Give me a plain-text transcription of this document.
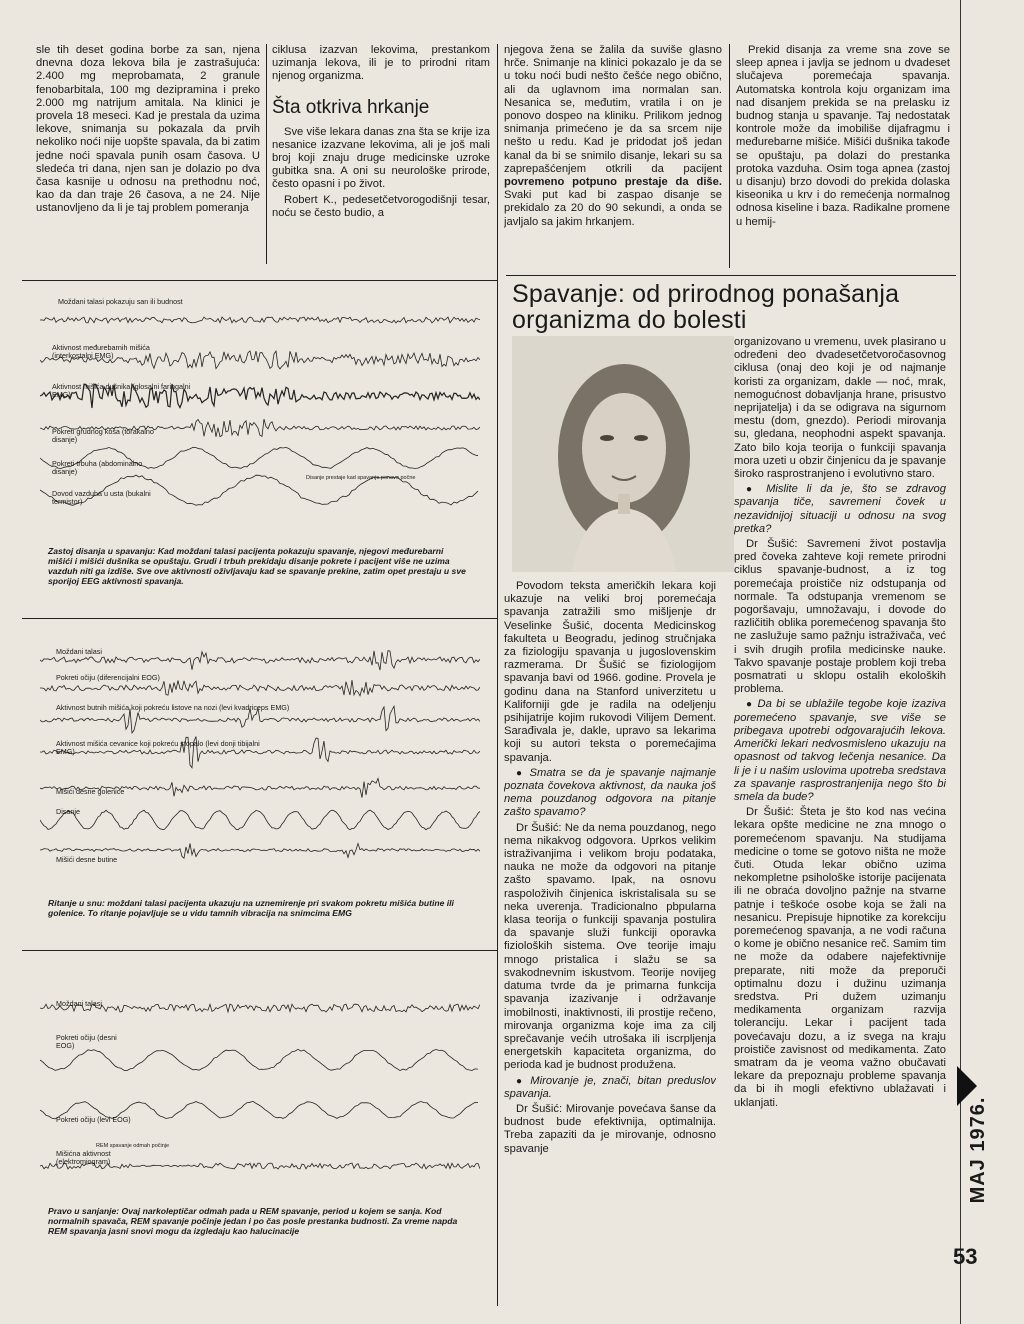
sle tih deset godina borbe za san, njena dnevna doza lekova bila je zastrašujuća: 2.400 mg meprobamata, 2 granule fenobarbitala, 100 mg dezipramina i preko 2.000 mg natrijum amitala. Na klinici je provela 18 meseci. Kad je prestala da uzima lekove, snimanja su pokazala da prvih nekoliko noći nije uopšte spavala, da bi zatim jedne noći spavala punih osam časova. U sledeća tri dana, njen san je dolazio po dva časa kasnije u odnosu na prethodnu noć, kao da dan traje 26 časova, a ne 24. Nije ustanovljeno da li je taj problem pomeranja

ciklusa izazvan lekovima, prestankom uzimanja lekova, ili je to prirodni ritam njenog organizma.

Šta otkriva hrkanje

Sve više lekara danas zna šta se krije iza nesanice izazvane lekovima, ali je još mali broj koji znaju druge medicinske uzroke gubitka sna. A oni su neurološke prirode, često opasni i po život.

Robert K., pedesetčetvorogodišnji tesar, noću se često budio, a

njegova žena se žalila da suviše glasno hrče. Snimanje na klinici pokazalo je da se u toku noći budi nešto češće nego obično, ali da uglavnom ima normalan san. Nesanica se, međutim, vratila i on je ponovo dospeo na kliniku. Prilikom jednog snimanja primećeno je da sa srcem nije nešto u redu. Kad je pridodat još jedan kanal da bi se snimilo disanje, lekari su sa zaprepašćenjem otkrili da pacijent povremeno potpuno prestaje da diše. Svaki put kad bi zaspao disanje se prekidalo za 20 do 90 sekundi, a onda se javljalo sa jakim hrkanjem.

Prekid disanja za vreme sna zove se sleep apnea i javlja se jednom u dvadeset slučajeva poremećaja spavanja. Automatska kontrola koju organizam ima nad disanjem prekida se na prelasku iz budnog stanja u spavanje. Taj nedostatak kontrole može da imobiliše dijafragmu i međurebarne mišiće. Mišići dušnika takođe se opuštaju, pa dolazi do prestanka protoka vazduha. Osim toga apnea (zastoj u disanju) brzo dovodi do prekida dolaska kiseonika u krv i do remećenja normalnog odnosa kiseline i baza. Radikalne promene u hemij-

Spavanje: od prirodnog ponašanja
organizma do bolesti
Moždani talasi pokazuju san ili budnost
Aktivnost međurebarnih mišića (interkostalni EMG)
Aktivnost mišića dušnika (glosalni faringalni EMG)
Pokreti grudnog koša (torakalno disanje)
Pokreti trbuha (abdominalno disanje)
Dovod vazduha u usta (bukalni termistor)
Disanje prestaje kad spavanje ponovo počne
Zastoj disanja u spavanju: Kad moždani talasi pacijenta pokazuju spavanje, njegovi međurebarni mišići i mišići dušnika se opuštaju. Grudi i trbuh prekidaju disanje pokrete i pacijent više ne uzima vazduh niti ga izdiše. Sve ove aktivnosti oživljavaju kad se spavanje prekine, zatim opet prestaju u sve sporijoj EEG aktivnosti spavanja.
Moždani talasi
Pokreti očiju (diferencijalni EOG)
Aktivnost butnih mišića koji pokreću listove na nozi (levi kvadriceps EMG)
Aktivnost mišića cevanice koji pokreću stopalo (levi donji tibijalni EMG)
Mišići desne golenice
Disanje
Mišići desne butine
Ritanje u snu: moždani talasi pacijenta ukazuju na uznemirenje pri svakom pokretu mišića butine ili golenice. To ritanje pojavljuje se u vidu tamnih vibracija na snimcima EMG
Moždani talasi
Pokreti očiju (desni EOG)
Pokreti očiju (levi EOG)
Mišićna aktivnost (elektromiogram)
REM spavanje odmah počinje
Pravo u sanjanje: Ovaj narkoleptičar odmah pada u REM spavanje, period u kojem se sanja. Kod normalnih spavača, REM spavanje počinje jedan i po čas posle prestanka budnosti. Za vreme napda REM spavanja jasni snovi mogu da izgledaju kao halucinacije

Povodom teksta američkih lekara koji ukazuje na veliki broj poremećaja spavanja zatražili smo mišljenje dr Veselinke Šušić, docenta Medicinskog fakulteta u Beogradu, jedinog stručnjaka za fiziologiju spavanja u jugoslovenskim razmerama. Dr Šušić se fiziologijom spavanja bavi od 1966. godine. Provela je godinu dana na Stanford univerzitetu u Kaliforniji gde je radila na odeljenju psihijatrije kojim rukovodi Vilijem Dement. Sarađivala je, dakle, upravo sa lekarima koji su autori teksta o poremećajima spavanja.

● Smatra se da je spavanje najmanje poznata čovekova aktivnost, da nauka još nema pouzdanog odgovora na pitanje zašto spavamo?

Dr Šušić: Ne da nema pouzdanog, nego nema nikakvog odgovora. Uprkos velikim istraživanjima i velikom broju podataka, nauka ne može da odgovori na pitanje zašto spavamo. Ipak, na osnovu raspoloživih činjenica iskristalisala su se neka uverenja. Tradicionalno pbpularna klasa teorija o funkciji spavanja postulira da spavanje služi funkciji oporavka fizioloških sistema. Ove teorije imaju mnogo pristalica i slažu se sa svakodnevnim iskustvom. Teorije novijeg datuma tvrde da je primarna funkcija spavanja izazivanje i održavanje imobilnosti, inaktivnosti, ili prostije rečeno, mirovanja organizma koje ima za cilj sprečavanje većih utrošaka ili iscrpljenja energetskih kapaciteta organizma, do perioda kad je budnost produžena.

● Mirovanje je, znači, bitan preduslov spavanja.

Dr Šušić: Mirovanje povećava šanse da budnost bude efektivnija, optimalnija. Treba zapaziti da je mirovanje, odnosno spavanje

organizovano u vremenu, uvek plasirano u određeni deo dvadesetčetvoročasovnog ciklusa (onaj deo koji je od najmanje koristi za organizam, dakle — noć, mrak, nemogućnost dobavljanja hrane, prisustvo neprijatelja) i da se odigrava na sigurnom mestu (dom, gnezdo). Periodi mirovanja su, gledana, neophodni aspekt spavanja. Zato bilo koja teorija o funkciji spavanja mora uzeti u obzir činjenicu da je spavanje široko rasprostranjeno i evolutivno staro.

● Mislite li da je, što se zdravog spavanja tiče, savremeni čovek u nezavidnijoj situaciji u odnosu na svog pretka?

Dr Šušić: Savremeni život postavlja pred čoveka zahteve koji remete prirodni ciklus spavanje-budnost, a iz tog poremećaja proističe niz odstupanja od normale. Ta odstupanja vremenom se pogoršavaju, umnožavaju, i dovode do različitih oblika poremećenog spavanja što ne zaslužuje samo pažnju istraživača, već i svih drugih profila medicinske nauke. Takvo spavanje postaje problem koji treba posmatrati u sklopu ostalih ekoloških problema.

● Da bi se ublažile tegobe koje izaziva poremećeno spavanje, sve više se pribegava upotrebi odgovarajućih lekova. Američki lekari nedvosmisleno ukazuju na opasnost od takvog lečenja nesanice. Da li je i u našim uslovima upotreba sredstava za spavanje rasprostranjenija nego što bi smela da bude?

Dr Šušić: Šteta je što kod nas većina lekara opšte medicine ne zna mnogo o poremećenom spavanju. Na studijama medicine o tome se gotovo ništa ne može čuti. Otuda lekar obično uzima nekompletne psihološke istorije pacijenata ili ne obraća dovoljno pažnje na stvarne patnje i teškoće osobe koja se žali na nesanicu. Prepisuje hipnotike za korekciju poremećenog spavanja, a ne vodi računa o kome je obično nesanice reč. Samim tim ne može da odabere najefektivnije preparate, niti može da preporuči optimalnu dozu i dužinu uzimanja sredstva. Pri dužem uzimanju medikamenta organizam razvija toleranciju. Lekar i pacijent tada povećavaju dozu, a iz svega na kraju proističe zavisnost od medikamenta. Zato smatram da je veoma važno obučavati lekare da prepoznaju probleme spavanja da bi ih mogli efektivno ublažavati i uklanjati.	MAJ 1976.
53
